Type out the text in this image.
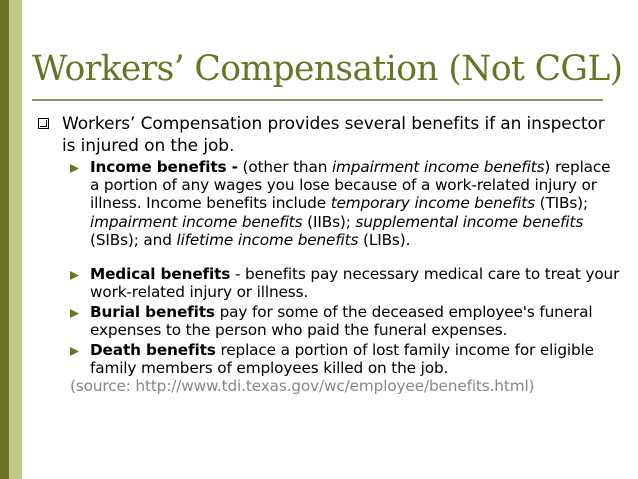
Workers’ Compensation (Not CGL)
Workers’ Compensation provides several benefits if an inspector is injured on the job.
Income benefits - (other than impairment income benefits) replace a portion of any wages you lose because of a work-related injury or illness. Income benefits include temporary income benefits (TIBs); impairment income benefits (IIBs); supplemental income benefits (SIBs); and lifetime income benefits (LIBs).
Medical benefits - benefits pay necessary medical care to treat your work-related injury or illness.
Burial benefits pay for some of the deceased employee's funeral expenses to the person who paid the funeral expenses.
Death benefits replace a portion of lost family income for eligible family members of employees killed on the job.
(source: http://www.tdi.texas.gov/wc/employee/benefits.html)
